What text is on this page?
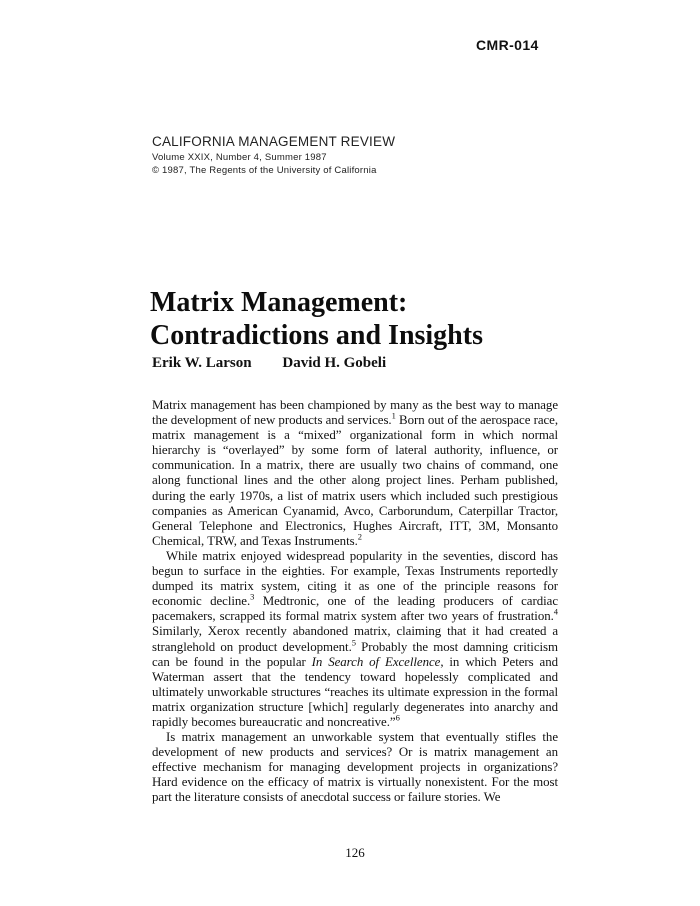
CMR-014
CALIFORNIA MANAGEMENT REVIEW
Volume XXIX, Number 4, Summer 1987
© 1987, The Regents of the University of California
Matrix Management:
Contradictions and Insights
Erik W. Larson David H. Gobeli

Matrix management has been championed by many as the best way to manage the development of new products and services.$^1$ Born out of the aerospace race, matrix management is a “mixed” organizational form in which normal hierarchy is “overlayed” by some form of lateral authority, influence, or communication. In a matrix, there are usually two chains of command, one along functional lines and the other along project lines. Perham published, during the early 1970s, a list of matrix users which included such prestigious companies as American Cyanamid, Avco, Carborundum, Caterpillar Tractor, General Telephone and Electronics, Hughes Aircraft, ITT, 3M, Monsanto Chemical, TRW, and Texas Instruments.$^2$

While matrix enjoyed widespread popularity in the seventies, discord has begun to surface in the eighties. For example, Texas Instruments reportedly dumped its matrix system, citing it as one of the principle reasons for economic decline.$^3$ Medtronic, one of the leading producers of cardiac pacemakers, scrapped its formal matrix system after two years of frustration.$^4$ Similarly, Xerox recently abandoned matrix, claiming that it had created a stranglehold on product development.$^5$ Probably the most damning criticism can be found in the popular In Search of Excellence, in which Peters and Waterman assert that the tendency toward hopelessly complicated and ultimately unworkable structures “reaches its ultimate expression in the formal matrix organization structure [which] regularly degenerates into anarchy and rapidly becomes bureaucratic and noncreative.”$^6$

Is matrix management an unworkable system that eventually stifles the development of new products and services? Or is matrix management an effective mechanism for managing development projects in organizations? Hard evidence on the efficacy of matrix is virtually nonexistent. For the most part the literature consists of anecdotal success or failure stories. We

126
